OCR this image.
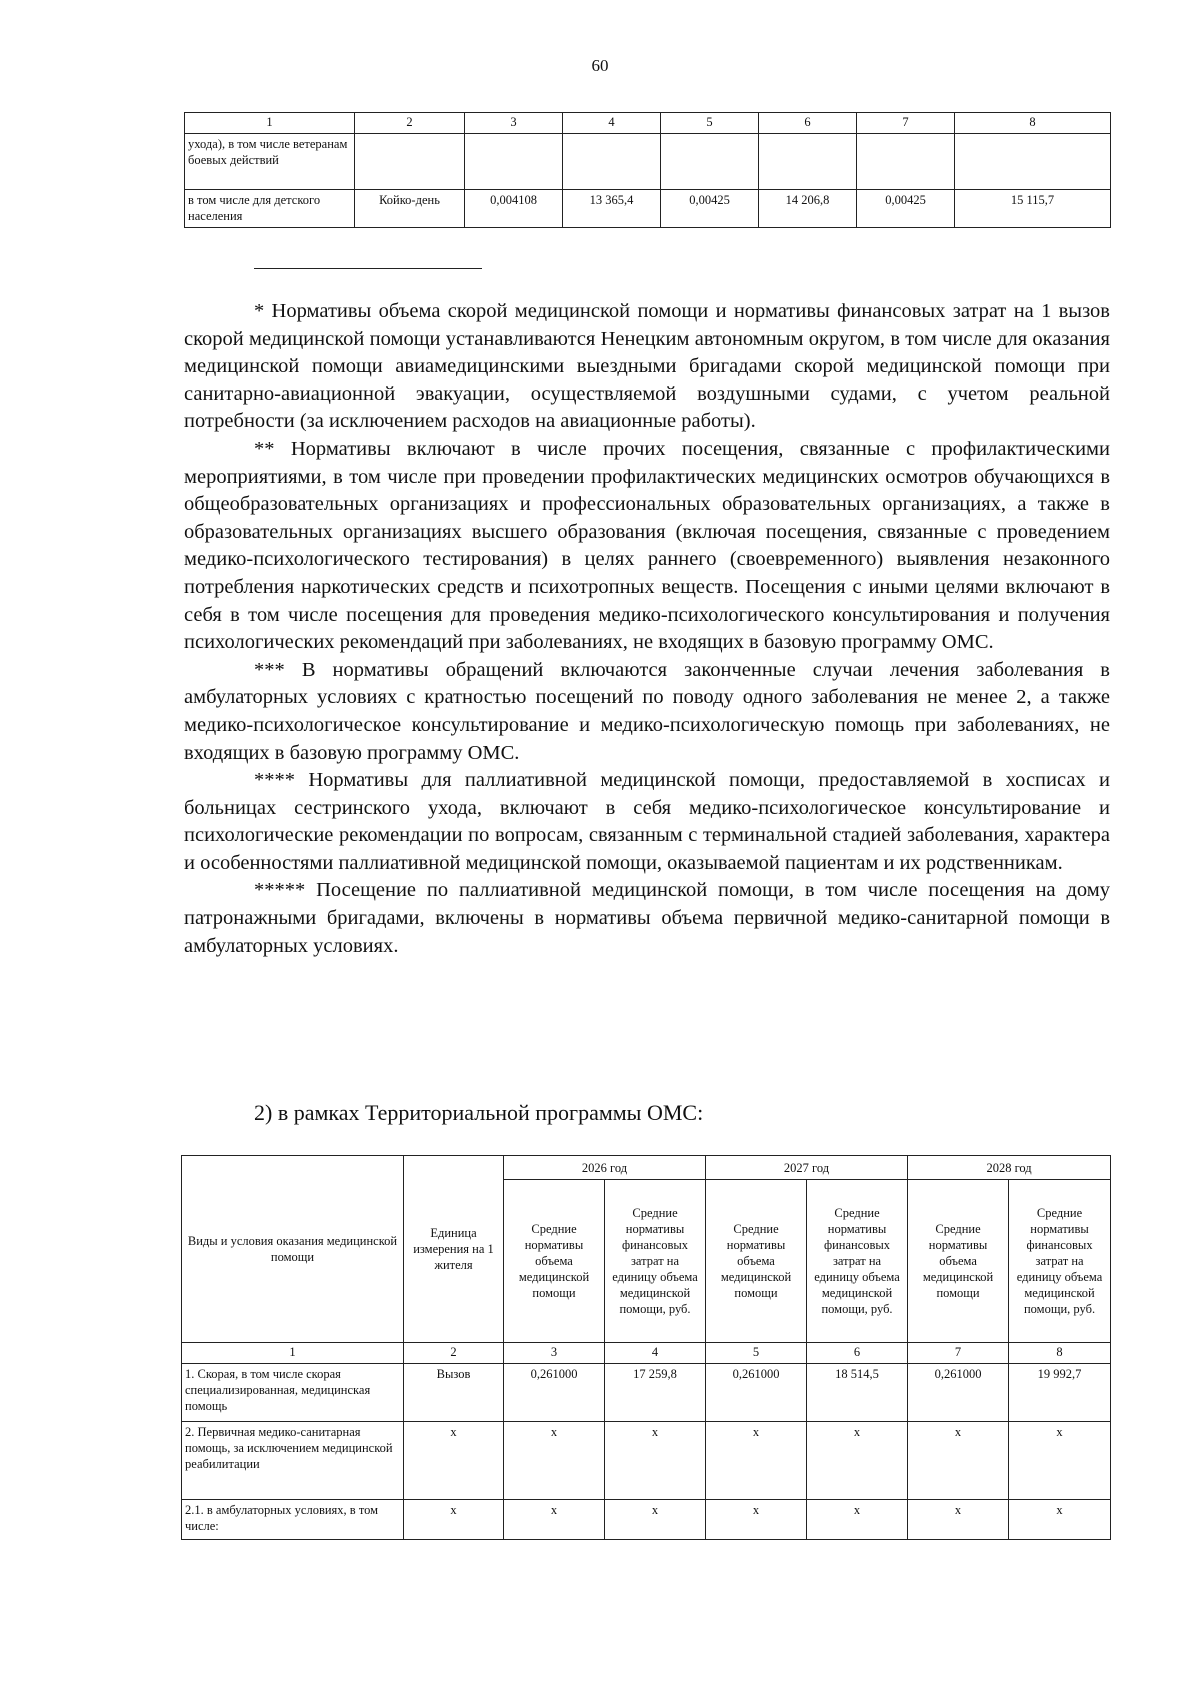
60
1	2	3	4	5	6	7	8
ухода), в том числе ветеранам боевых действий							
в том числе для детского населения	Койко-день	0,004108	13 365,4	0,00425	14 206,8	0,00425	15 115,7

* Нормативы объема скорой медицинской помощи и нормативы финансовых затрат на 1 вызов скорой медицинской помощи устанавливаются Ненецким автономным округом, в том числе для оказания медицинской помощи авиамедицинскими выездными бригадами скорой медицинской помощи при санитарно-авиационной эвакуации, осуществляемой воздушными судами, с учетом реальной потребности (за исключением расходов на авиационные работы).

** Нормативы включают в числе прочих посещения, связанные с профилактическими мероприятиями, в том числе при проведении профилактических медицинских осмотров обучающихся в общеобразовательных организациях и профессиональных образовательных организациях, а также в образовательных организациях высшего образования (включая посещения, связанные с проведением медико-психологического тестирования) в целях раннего (своевременного) выявления незаконного потребления наркотических средств и психотропных веществ. Посещения с иными целями включают в себя в том числе посещения для проведения медико-психологического консультирования и получения психологических рекомендаций при заболеваниях, не входящих в базовую программу ОМС.

*** В нормативы обращений включаются законченные случаи лечения заболевания в амбулаторных условиях с кратностью посещений по поводу одного заболевания не менее 2, а также медико-психологическое консультирование и медико-психологическую помощь при заболеваниях, не входящих в базовую программу ОМС.

**** Нормативы для паллиативной медицинской помощи, предоставляемой в хосписах и больницах сестринского ухода, включают в себя медико-психологическое консультирование и психологические рекомендации по вопросам, связанным с терминальной стадией заболевания, характера и особенностями паллиативной медицинской помощи, оказываемой пациентам и их родственникам.

***** Посещение по паллиативной медицинской помощи, в том числе посещения на дому патронажными бригадами, включены в нормативы объема первичной медико-санитарной помощи в амбулаторных условиях.

2) в рамках Территориальной программы ОМС:
Виды и условия оказания медицинской помощи	Единица измерения на 1 жителя	2026 год		2027 год		2028 год	
		Средние нормативы объема медицинской помощи	Средние нормативы финансовых затрат на единицу объема медицинской помощи, руб.	Средние нормативы объема медицинской помощи	Средние нормативы финансовых затрат на единицу объема медицинской помощи, руб.	Средние нормативы объема медицинской помощи	Средние нормативы финансовых затрат на единицу объема медицинской помощи, руб.
1	2	3	4	5	6	7	8
1. Скорая, в том числе скорая специализированная, медицинская помощь	Вызов	0,261000	17 259,8	0,261000	18 514,5	0,261000	19 992,7
2. Первичная медико-санитарная помощь, за исключением медицинской реабилитации	х	х	х	х	х	х	х
2.1. в амбулаторных условиях, в том числе:	х	х	х	х	х	х	х
